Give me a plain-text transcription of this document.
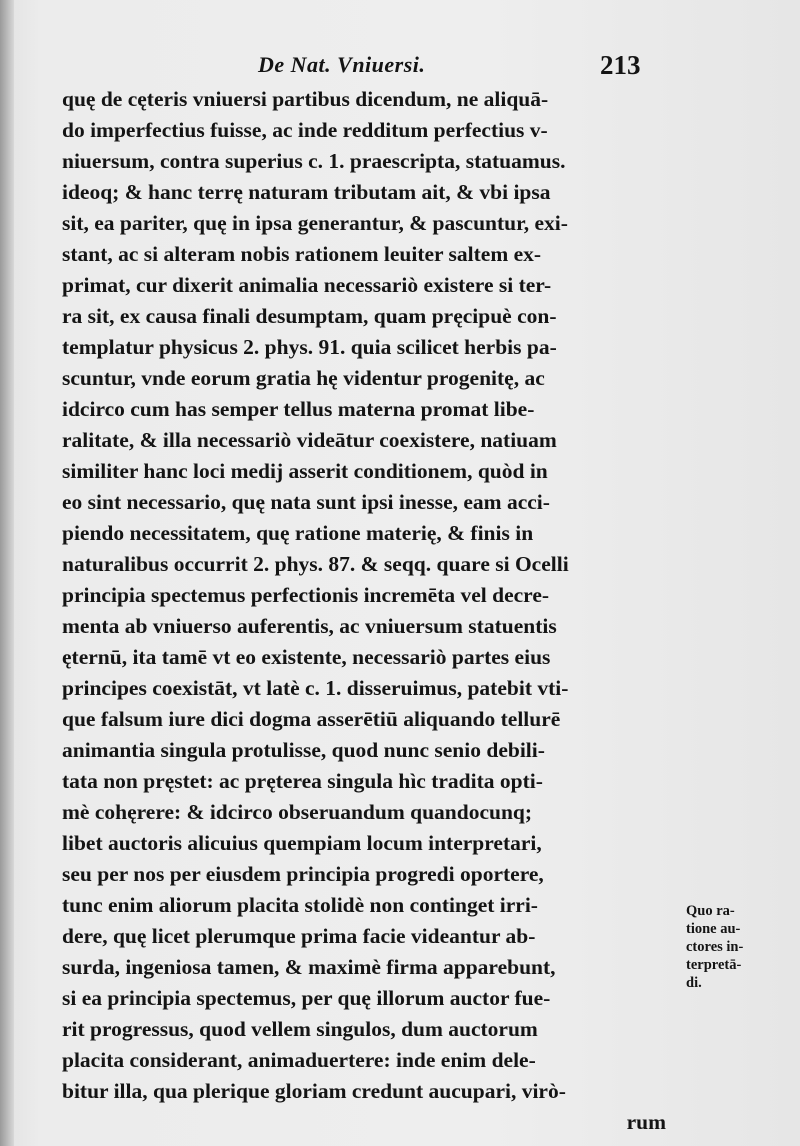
De Nat. Vniuersi.	213
quę de cęteris vniuersi partibus dicendum, ne aliquā-
do imperfectius fuisse, ac inde redditum perfectius v-
niuersum, contra superius c. 1. praescripta, statuamus.
ideoq; & hanc terrę naturam tributam ait, & vbi ipsa
sit, ea pariter, quę in ipsa generantur, & pascuntur, exi-
stant, ac si alteram nobis rationem leuiter saltem ex-
primat, cur dixerit animalia necessariò existere si ter-
ra sit, ex causa finali desumptam, quam pręcipuè con-
templatur physicus 2. phys. 91. quia scilicet herbis pa-
scuntur, vnde eorum gratia hę videntur progenitę, ac
idcirco cum has semper tellus materna promat libe-
ralitate, & illa necessariò videātur coexistere, natiuam
similiter hanc loci medij asserit conditionem, quòd in
eo sint necessario, quę nata sunt ipsi inesse, eam acci-
piendo necessitatem, quę ratione materię, & finis in
naturalibus occurrit 2. phys. 87. & seqq. quare si Ocelli
principia spectemus perfectionis incremēta vel decre-
menta ab vniuerso auferentis, ac vniuersum statuentis
ęternū, ita tamē vt eo existente, necessariò partes eius
principes coexistāt, vt latè c. 1. disseruimus, patebit vti-
que falsum iure dici dogma asserētiū aliquando tellurē
animantia singula protulisse, quod nunc senio debili-
tata non pręstet: ac pręterea singula hìc tradita opti-
mè cohęrere: & idcirco obseruandum quandocunq;
libet auctoris alicuius quempiam locum interpretari,
seu per nos per eiusdem principia progredi oportere,
tunc enim aliorum placita stolidè non continget irri-
dere, quę licet plerumque prima facie videantur ab-
surda, ingeniosa tamen, & maximè firma apparebunt,
si ea principia spectemus, per quę illorum auctor fue-
rit progressus, quod vellem singulos, dum auctorum
placita considerant, animaduertere: inde enim dele-
bitur illa, qua plerique gloriam credunt aucupari, virò-
rum
Quo ra-
tione au-
ctores in-
terpretā-
di.
